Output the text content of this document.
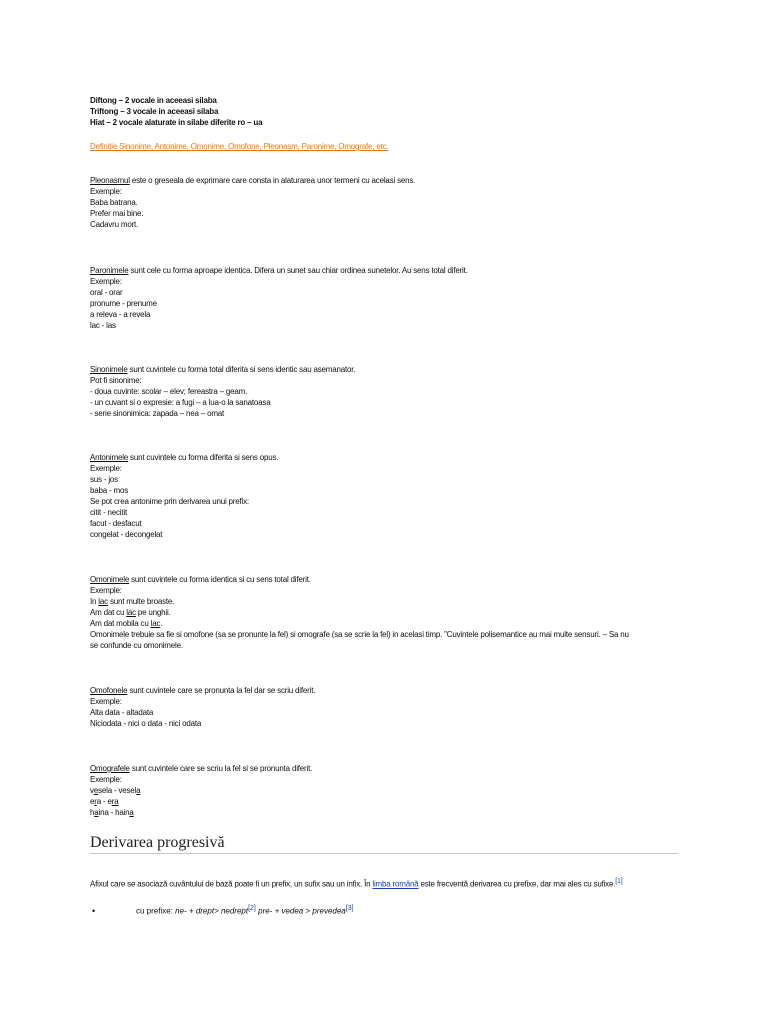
Diftong – 2 vocale in aceeasi silaba
Triftong – 3 vocale in aceeasi silaba
Hiat – 2 vocale alaturate in silabe diferite ro – ua
Definitie Sinonime, Antonime, Omonime, Omofone, Pleonasm, Paronime, Omografe, etc.
Pleonasmul este o greseala de exprimare care consta in alaturarea unor termeni cu acelasi sens.
Exemple:
Baba batrana.
Prefer mai bine.
Cadavru mort.
Paronimele sunt cele cu forma aproape identica. Difera un sunet sau chiar ordinea sunetelor. Au sens total diferit.
Exemple:
oral - orar
pronume - prenume
a releva - a revela
lac - las
Sinonimele sunt cuvintele cu forma total diferita si sens identic sau asemanator.
Pot fi sinonime:
- doua cuvinte: scolar – elev; fereastra – geam.
- un cuvant si o expresie: a fugi – a lua-o la sanatoasa
- serie sinonimica: zapada – nea – omat
Antonimele sunt cuvintele cu forma diferita si sens opus.
Exemple:
sus - jos
baba - mos
Se pot crea antonime prin derivarea unui prefix:
citit - necitit
facut - desfacut
congelat - decongelat
Omonimele sunt cuvintele cu forma identica si cu sens total diferit.
Exemple:
In lac sunt multe broaste.
Am dat cu lac pe unghii.
Am dat mobila cu lac.
Omonimele trebuie sa fie si omofone (sa se pronunte la fel) si omografe (sa se scrie la fel) in acelasi timp. "Cuvintele polisemantice au mai multe sensuri. – Sa nu
se confunde cu omonimele.
Omofonele sunt cuvintele care se pronunta la fel dar se scriu diferit.
Exemple:
Alta data - altadata
Niciodata - nici o data - nici odata
Omografele sunt cuvintele care se scriu la fel si se pronunta diferit.
Exemple:
vesela - vesela
era - era
haina - haina
Derivarea progresivă
Afixul care se asociază cuvântului de bază poate fi un prefix, un sufix sau un infix. În limba română este frecventă derivarea cu prefixe, dar mai ales cu sufixe.[1]
•	cu prefixe: ne- + drept> nedrept[2] pre- + vedea > prevedea[3]
